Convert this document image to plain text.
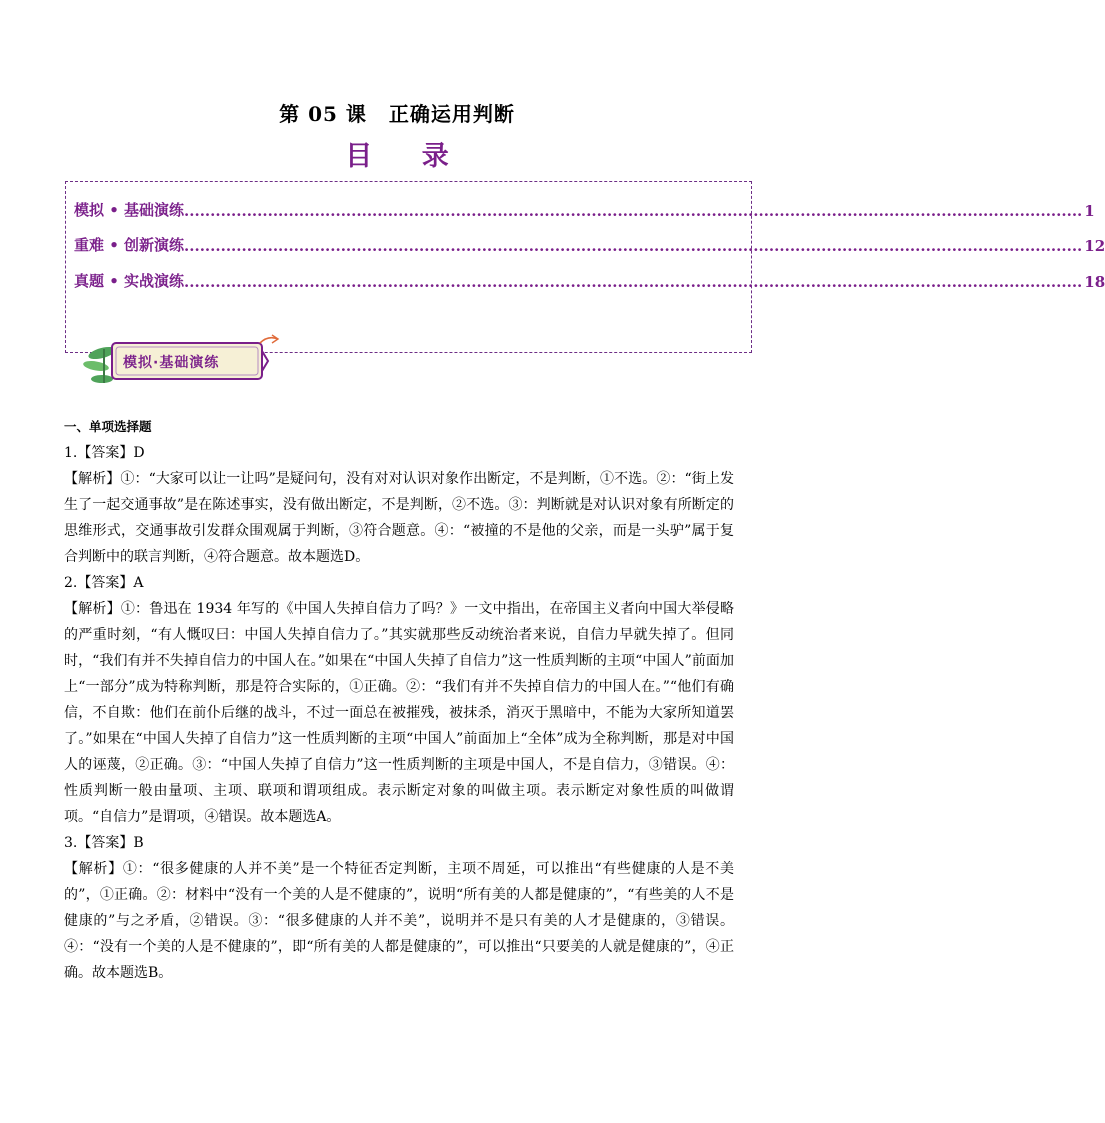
第 05 课 正确运用判断
目 录
模拟 • 基础演练 ............................................................................................................................................................................ 1
重难 • 创新演练 ............................................................................................................................................................................ 12
真题 • 实战演练 ............................................................................................................................................................................ 18
模拟·基础演练

一、单项选择题

1.【答案】D

【解析】①：“大家可以让一让吗”是疑问句，没有对对认识对象作出断定，不是判断，①不选。②：“街上发生了一起交通事故”是在陈述事实，没有做出断定，不是判断，②不选。③：判断就是对认识对象有所断定的思维形式，交通事故引发群众围观属于判断，③符合题意。④：“被撞的不是他的父亲，而是一头驴”属于复合判断中的联言判断，④符合题意。故本题选D。

2.【答案】A

【解析】①：鲁迅在 1934 年写的《中国人失掉自信力了吗？》一文中指出，在帝国主义者向中国大举侵略的严重时刻，“有人慨叹曰：中国人失掉自信力了。”其实就那些反动统治者来说，自信力早就失掉了。但同时，“我们有并不失掉自信力的中国人在。”如果在“中国人失掉了自信力”这一性质判断的主项“中国人”前面加上“一部分”成为特称判断，那是符合实际的，①正确。②：“我们有并不失掉自信力的中国人在。”“他们有确信，不自欺：他们在前仆后继的战斗，不过一面总在被摧残，被抹杀，消灭于黑暗中，不能为大家所知道罢了。”如果在“中国人失掉了自信力”这一性质判断的主项“中国人”前面加上“全体”成为全称判断，那是对中国人的诬蔑，②正确。③：“中国人失掉了自信力”这一性质判断的主项是中国人，不是自信力，③错误。④：性质判断一般由量项、主项、联项和谓项组成。表示断定对象的叫做主项。表示断定对象性质的叫做谓项。“自信力”是谓项，④错误。故本题选A。

3.【答案】B

【解析】①：“很多健康的人并不美”是一个特征否定判断，主项不周延，可以推出“有些健康的人是不美的”，①正确。②：材料中“没有一个美的人是不健康的”，说明“所有美的人都是健康的”，“有些美的人不是健康的”与之矛盾，②错误。③：“很多健康的人并不美”，说明并不是只有美的人才是健康的，③错误。④：“没有一个美的人是不健康的”，即“所有美的人都是健康的”，可以推出“只要美的人就是健康的”，④正确。故本题选B。
